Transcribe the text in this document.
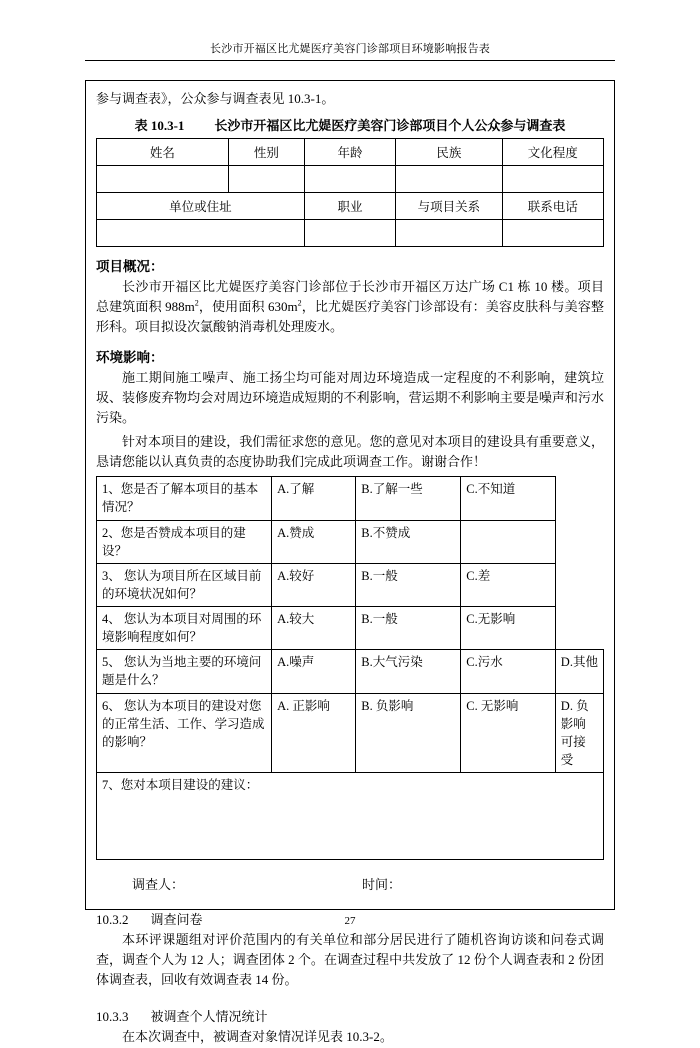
长沙市开福区比尤媞医疗美容门诊部项目环境影响报告表

参与调查表》，公众参与调查表见 10.3-1。

表 10.3-1 长沙市开福区比尤媞医疗美容门诊部项目个人公众参与调查表
姓名	性别	年龄	民族	文化程度

单位或住址		职业	与项目关系	联系电话

项目概况：

长沙市开福区比尤媞医疗美容门诊部位于长沙市开福区万达广场 C1 栋 10 楼。项目总建筑面积 $988m^2$，使用面积 $630m^2$，比尤媞医疗美容门诊部设有：美容皮肤科与美容整形科。项目拟设次氯酸钠消毒机处理废水。

环境影响：

施工期间施工噪声、施工扬尘均可能对周边环境造成一定程度的不利影响，建筑垃圾、装修废弃物均会对周边环境造成短期的不利影响，营运期不利影响主要是噪声和污水污染。

针对本项目的建设，我们需征求您的意见。您的意见对本项目的建设具有重要意义，恳请您能以认真负责的态度协助我们完成此项调查工作。谢谢合作！

1、您是否了解本项目的基本情况？	A.了解	B.了解一些	C.不知道	
2、您是否赞成本项目的建设？	A.赞成	B.不赞成		
3、 您认为项目所在区域目前的环境状况如何？	A.较好	B.一般	C.差	
4、 您认为本项目对周围的环境影响程度如何？	A.较大	B.一般	C.无影响	
5、 您认为当地主要的环境问题是什么？	A.噪声	B.大气污染	C.污水	D.其他
6、 您认为本项目的建设对您的正常生活、工作、学习造成的影响？	A. 正影响	B. 负影响	C. 无影响	D. 负影响可接受
7、您对本项目建设的建议：				
调查人：	时间：
10.3.2 调查问卷

本环评课题组对评价范围内的有关单位和部分居民进行了随机咨询访谈和问卷式调查，调查个人为 12 人；调查团体 2 个。在调查过程中共发放了 12 份个人调查表和 2 份团体调查表，回收有效调查表 14 份。

10.3.3 被调查个人情况统计

在本次调查中，被调查对象情况详见表 10.3-2。

27
